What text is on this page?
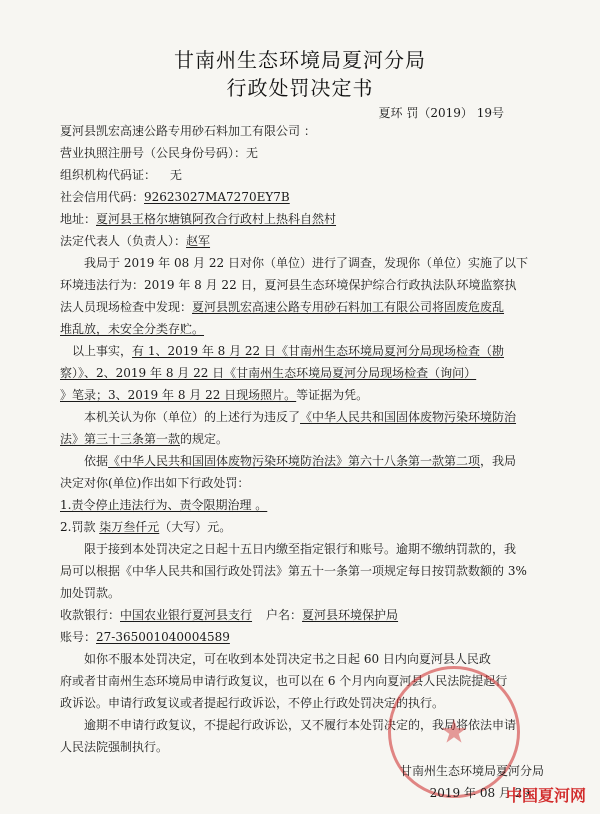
甘南州生态环境局夏河分局
行政处罚决定书
夏环 罚（2019） 19号
夏河县凯宏高速公路专用砂石料加工有限公司 ：
营业执照注册号（公民身份号码）：无
组织机构代码证： 无
社会信用代码：92623027MA7270EY7B
地址：夏河县王格尔塘镇阿孜合行政村上热科自然村
法定代表人（负责人）：赵军
我局于 2019 年 08 月 22 日对你（单位）进行了调查，发现你（单位）实施了以下
环境违法行为：2019 年 8 月 22 日，夏河县生态环境保护综合行政执法队环境监察执
法人员现场检查中发现：夏河县凯宏高速公路专用砂石料加工有限公司将固废危废乱
堆乱放，未安全分类存贮。
以上事实，有 1、2019 年 8 月 22 日《甘南州生态环境局夏河分局现场检查（勘
察）》、2、2019 年 8 月 22 日《甘南州生态环境局夏河分局现场检查（询问）
》笔录；3、2019 年 8 月 22 日现场照片。等证据为凭。
本机关认为你（单位）的上述行为违反了《中华人民共和国固体废物污染环境防治
法》第三十三条第一款的规定。
依据《中华人民共和国固体废物污染环境防治法》第六十八条第一款第二项，我局
决定对你(单位)作出如下行政处罚：
1.责令停止违法行为、责令限期治理 。
2.罚款 柒万叁仟元（大写）元。
限于接到本处罚决定之日起十五日内缴至指定银行和账号。逾期不缴纳罚款的，我
局可以根据《中华人民共和国行政处罚法》第五十一条第一项规定每日按罚款数额的 3%
加处罚款。
收款银行：中国农业银行夏河县支行 户名：夏河县环境保护局
账号：27-365001040004589
如你不服本处罚决定，可在收到本处罚决定书之日起 60 日内向夏河县人民政
府或者甘南州生态环境局申请行政复议，也可以在 6 个月内向夏河县人民法院提起行
政诉讼。申请行政复议或者提起行政诉讼，不停止行政处罚决定的执行。
逾期不申请行政复议，不提起行政诉讼，又不履行本处罚决定的，我局将依法申请
人民法院强制执行。
甘南州生态环境局夏河分局
2019 年 08 月 29
中国夏河网
